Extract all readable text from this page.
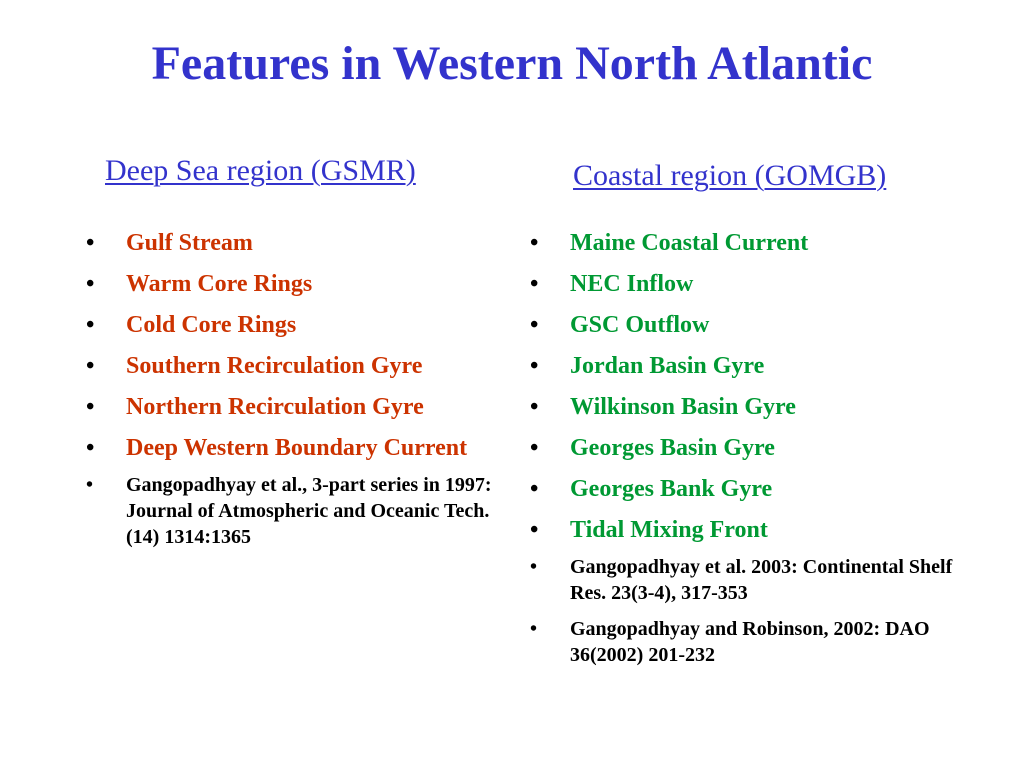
Features in Western North Atlantic
Deep Sea region (GSMR)	Coastal region (GOMGB)
• Gulf Stream
• Warm Core Rings
• Cold Core Rings
• Southern Recirculation Gyre
• Northern Recirculation Gyre
• Deep Western Boundary Current
• Gangopadhyay et al., 3-part series in 1997: Journal of Atmospheric and Oceanic Tech. (14) 1314:1365
• Maine Coastal Current
• NEC Inflow
• GSC Outflow
• Jordan Basin Gyre
• Wilkinson Basin Gyre
• Georges Basin Gyre
• Georges Bank Gyre
• Tidal Mixing Front
• Gangopadhyay et al. 2003: Continental Shelf Res. 23(3-4), 317-353
• Gangopadhyay and Robinson, 2002: DAO 36(2002) 201-232
